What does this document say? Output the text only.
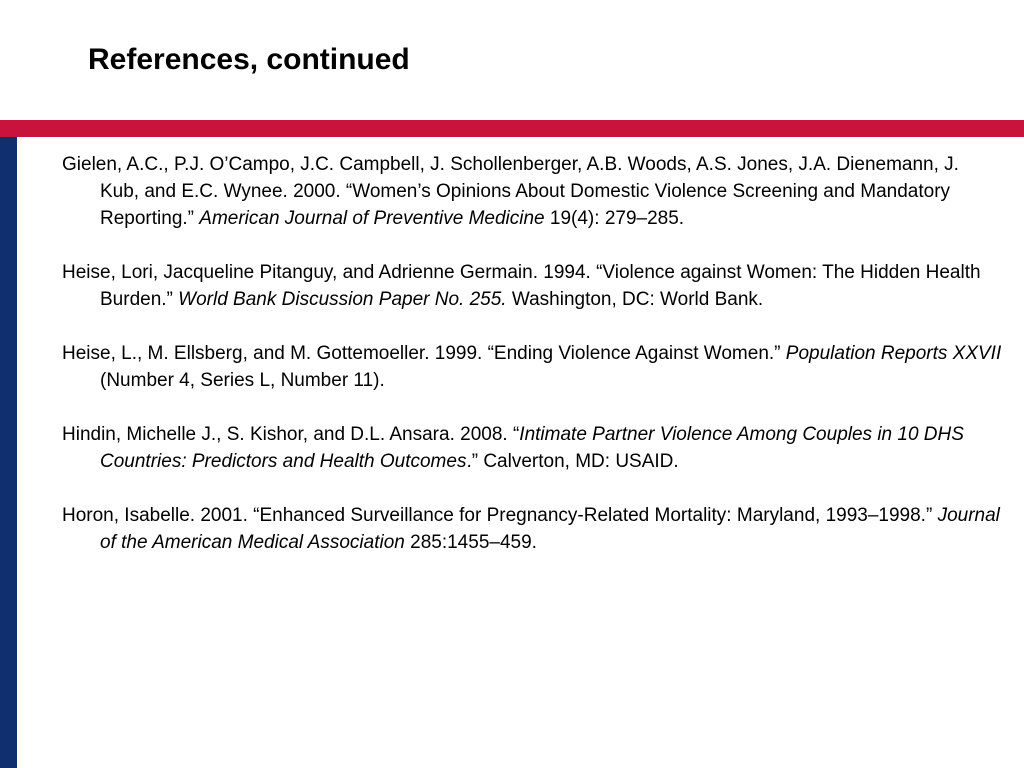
References, continued

Gielen, A.C., P.J. O’Campo, J.C. Campbell, J. Schollenberger, A.B. Woods, A.S. Jones, J.A. Dienemann, J. Kub, and E.C. Wynee. 2000. “Women’s Opinions About Domestic Violence Screening and Mandatory Reporting.” American Journal of Preventive Medicine 19(4): 279–285.

Heise, Lori, Jacqueline Pitanguy, and Adrienne Germain. 1994. “Violence against Women: The Hidden Health Burden.” World Bank Discussion Paper No. 255. Washington, DC: World Bank.

Heise, L., M. Ellsberg, and M. Gottemoeller. 1999. “Ending Violence Against Women.” Population Reports XXVII (Number 4, Series L, Number 11).

Hindin, Michelle J., S. Kishor, and D.L. Ansara. 2008. “Intimate Partner Violence Among Couples in 10 DHS Countries: Predictors and Health Outcomes.” Calverton, MD: USAID.

Horon, Isabelle. 2001. “Enhanced Surveillance for Pregnancy-Related Mortality: Maryland, 1993–1998.” Journal of the American Medical Association 285:1455–459.
